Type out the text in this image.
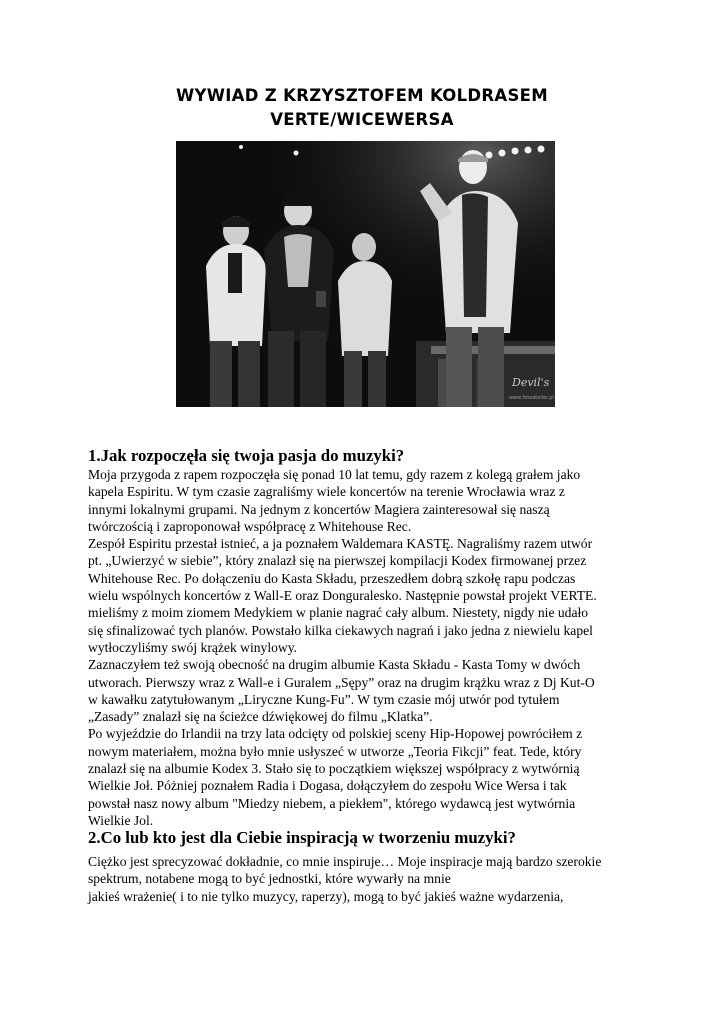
WYWIAD Z KRZYSZTOFEM KOLDRASEM
VERTE/WICEWERSA
Devil's
www.fotoatelier.pl
1.Jak rozpoczęła się twoja pasja do muzyki?
Moja przygoda z rapem rozpoczęła się ponad 10 lat temu, gdy razem z kolegą grałem jako
kapela Espiritu. W tym czasie zagraliśmy wiele koncertów na terenie Wrocławia wraz z
innymi lokalnymi grupami. Na jednym z koncertów Magiera zainteresował się naszą
twórczością i zaproponował współpracę z Whitehouse Rec.
Zespół Espiritu przestał istnieć, a ja poznałem Waldemara KASTĘ. Nagraliśmy razem utwór
pt. „Uwierzyć w siebie”, który znalazł się na pierwszej kompilacji Kodex firmowanej przez
Whitehouse Rec. Po dołączeniu do Kasta Składu, przeszedłem dobrą szkołę rapu podczas
wielu wspólnych koncertów z Wall-E oraz Donguralesko. Następnie powstał projekt VERTE.
mieliśmy z moim ziomem Medykiem w planie nagrać cały album. Niestety, nigdy nie udało
się sfinalizować tych planów. Powstało kilka ciekawych nagrań i jako jedna z niewielu kapel
wytłoczyliśmy swój krążek winylowy.
Zaznaczyłem też swoją obecność na drugim albumie Kasta Składu - Kasta Tomy w dwóch
utworach. Pierwszy wraz z Wall-e i Guralem „Sępy” oraz na drugim krążku wraz z Dj Kut-O
w kawałku zatytułowanym „Liryczne Kung-Fu”. W tym czasie mój utwór pod tytułem
„Zasady” znalazł się na ścieżce dźwiękowej do filmu „Klatka”.
Po wyjeździe do Irlandii na trzy lata odcięty od polskiej sceny Hip-Hopowej powróciłem z
nowym materiałem, można było mnie usłyszeć w utworze „Teoria Fikcji” feat. Tede, który
znalazł się na albumie Kodex 3. Stało się to początkiem większej współpracy z wytwórnią
Wielkie Joł. Póżniej poznałem Radia i Dogasa, dołączyłem do zespołu Wice Wersa i tak
powstał nasz nowy album "Miedzy niebem, a piekłem", którego wydawcą jest wytwórnia
Wielkie Jol.
2.Co lub kto jest dla Ciebie inspiracją w tworzeniu muzyki?
Ciężko jest sprecyzować dokładnie, co mnie inspiruje… Moje inspiracje mają bardzo szerokie
spektrum, notabene mogą to być jednostki, które wywarły na mnie
jakieś wrażenie( i to nie tylko muzycy, raperzy), mogą to być jakieś ważne wydarzenia,
